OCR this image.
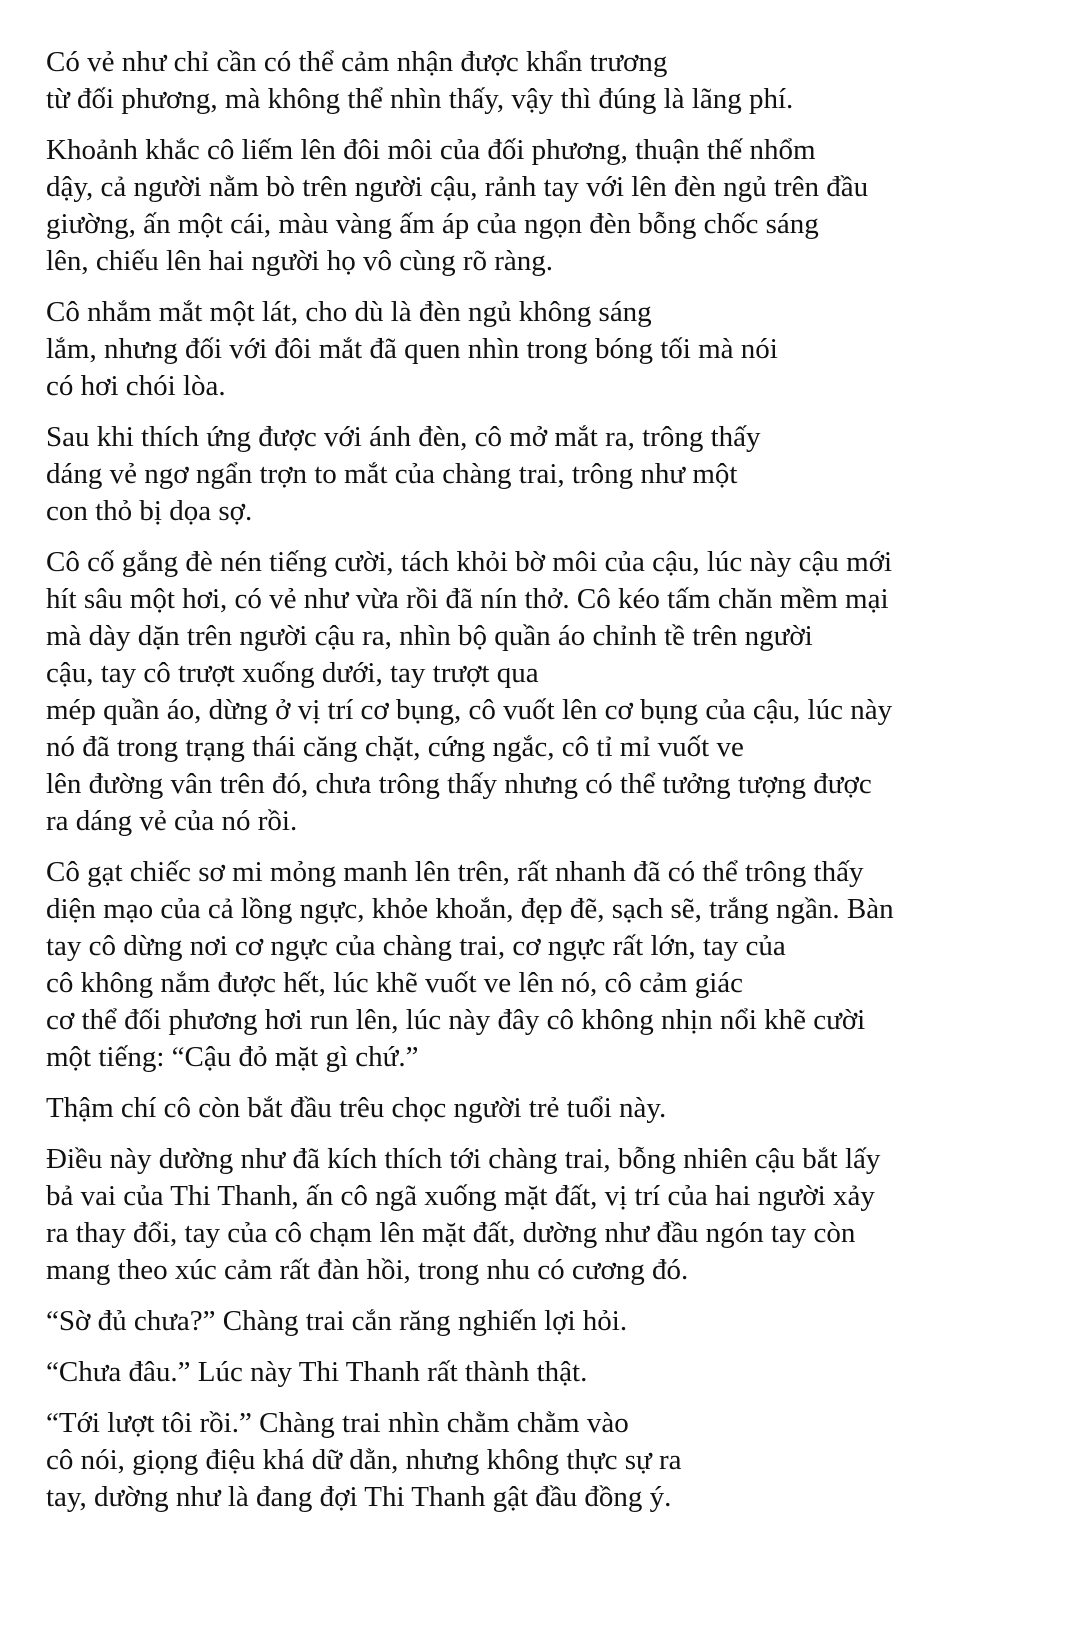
Có vẻ như chỉ cần có thể cảm nhận được khẩn trương
từ đối phương, mà không thể nhìn thấy, vậy thì đúng là lãng phí.
Khoảnh khắc cô liếm lên đôi môi của đối phương, thuận thế nhổm
dậy, cả người nằm bò trên người cậu, rảnh tay với lên đèn ngủ trên đầu
giường, ấn một cái, màu vàng ấm áp của ngọn đèn bỗng chốc sáng
lên, chiếu lên hai người họ vô cùng rõ ràng.
Cô nhắm mắt một lát, cho dù là đèn ngủ không sáng
lắm, nhưng đối với đôi mắt đã quen nhìn trong bóng tối mà nói
có hơi chói lòa.
Sau khi thích ứng được với ánh đèn, cô mở mắt ra, trông thấy
dáng vẻ ngơ ngẩn trợn to mắt của chàng trai, trông như một
con thỏ bị dọa sợ.
Cô cố gắng đè nén tiếng cười, tách khỏi bờ môi của cậu, lúc này cậu mới
hít sâu một hơi, có vẻ như vừa rồi đã nín thở. Cô kéo tấm chăn mềm mại
mà dày dặn trên người cậu ra, nhìn bộ quần áo chỉnh tề trên người
cậu, tay cô trượt xuống dưới, tay trượt qua
mép quần áo, dừng ở vị trí cơ bụng, cô vuốt lên cơ bụng của cậu, lúc này
nó đã trong trạng thái căng chặt, cứng ngắc, cô tỉ mỉ vuốt ve
lên đường vân trên đó, chưa trông thấy nhưng có thể tưởng tượng được
ra dáng vẻ của nó rồi.
Cô gạt chiếc sơ mi mỏng manh lên trên, rất nhanh đã có thể trông thấy
diện mạo của cả lồng ngực, khỏe khoắn, đẹp đẽ, sạch sẽ, trắng ngần. Bàn
tay cô dừng nơi cơ ngực của chàng trai, cơ ngực rất lớn, tay của
cô không nắm được hết, lúc khẽ vuốt ve lên nó, cô cảm giác
cơ thể đối phương hơi run lên, lúc này đây cô không nhịn nổi khẽ cười
một tiếng: “Cậu đỏ mặt gì chứ.”
Thậm chí cô còn bắt đầu trêu chọc người trẻ tuổi này.
Điều này dường như đã kích thích tới chàng trai, bỗng nhiên cậu bắt lấy
bả vai của Thi Thanh, ấn cô ngã xuống mặt đất, vị trí của hai người xảy
ra thay đổi, tay của cô chạm lên mặt đất, dường như đầu ngón tay còn
mang theo xúc cảm rất đàn hồi, trong nhu có cương đó.
“Sờ đủ chưa?” Chàng trai cắn răng nghiến lợi hỏi.
“Chưa đâu.” Lúc này Thi Thanh rất thành thật.
“Tới lượt tôi rồi.” Chàng trai nhìn chằm chằm vào
cô nói, giọng điệu khá dữ dằn, nhưng không thực sự ra
tay, dường như là đang đợi Thi Thanh gật đầu đồng ý.
